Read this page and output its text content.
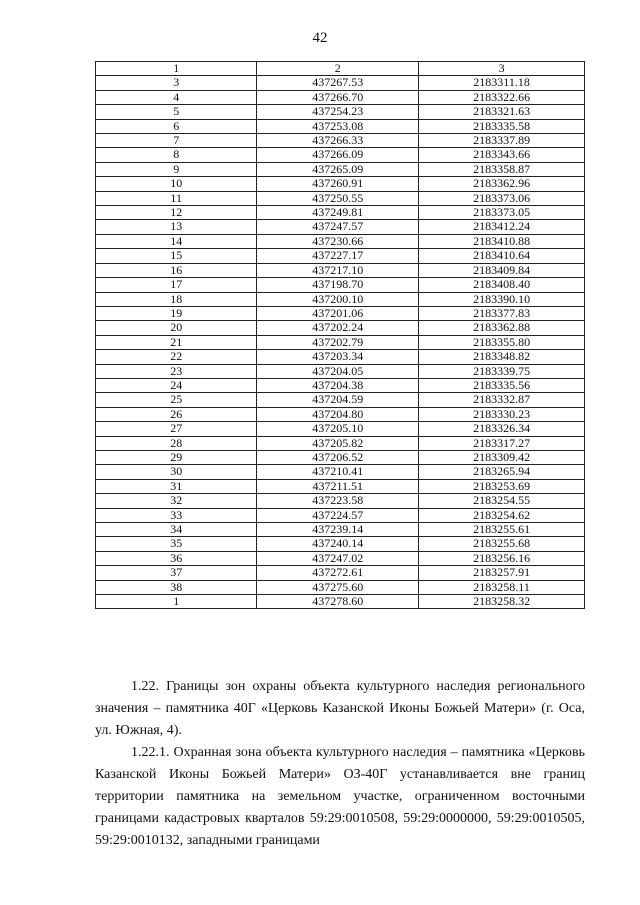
42
1	2	3
3	437267.53	2183311.18
4	437266.70	2183322.66
5	437254.23	2183321.63
6	437253.08	2183335.58
7	437266.33	2183337.89
8	437266.09	2183343.66
9	437265.09	2183358.87
10	437260.91	2183362.96
11	437250.55	2183373.06
12	437249.81	2183373.05
13	437247.57	2183412.24
14	437230.66	2183410.88
15	437227.17	2183410.64
16	437217.10	2183409.84
17	437198.70	2183408.40
18	437200.10	2183390.10
19	437201.06	2183377.83
20	437202.24	2183362.88
21	437202.79	2183355.80
22	437203.34	2183348.82
23	437204.05	2183339.75
24	437204.38	2183335.56
25	437204.59	2183332.87
26	437204.80	2183330.23
27	437205.10	2183326.34
28	437205.82	2183317.27
29	437206.52	2183309.42
30	437210.41	2183265.94
31	437211.51	2183253.69
32	437223.58	2183254.55
33	437224.57	2183254.62
34	437239.14	2183255.61
35	437240.14	2183255.68
36	437247.02	2183256.16
37	437272.61	2183257.91
38	437275.60	2183258.11
1	437278.60	2183258.32

1.22. Границы зон охраны объекта культурного наследия регионального значения – памятника 40Г «Церковь Казанской Иконы Божьей Матери» (г. Оса, ул. Южная, 4).

1.22.1. Охранная зона объекта культурного наследия – памятника «Церковь Казанской Иконы Божьей Матери» ОЗ-40Г устанавливается вне границ территории памятника на земельном участке, ограниченном восточными границами кадастровых кварталов 59:29:0010508, 59:29:0000000, 59:29:0010505, 59:29:0010132, западными границами
